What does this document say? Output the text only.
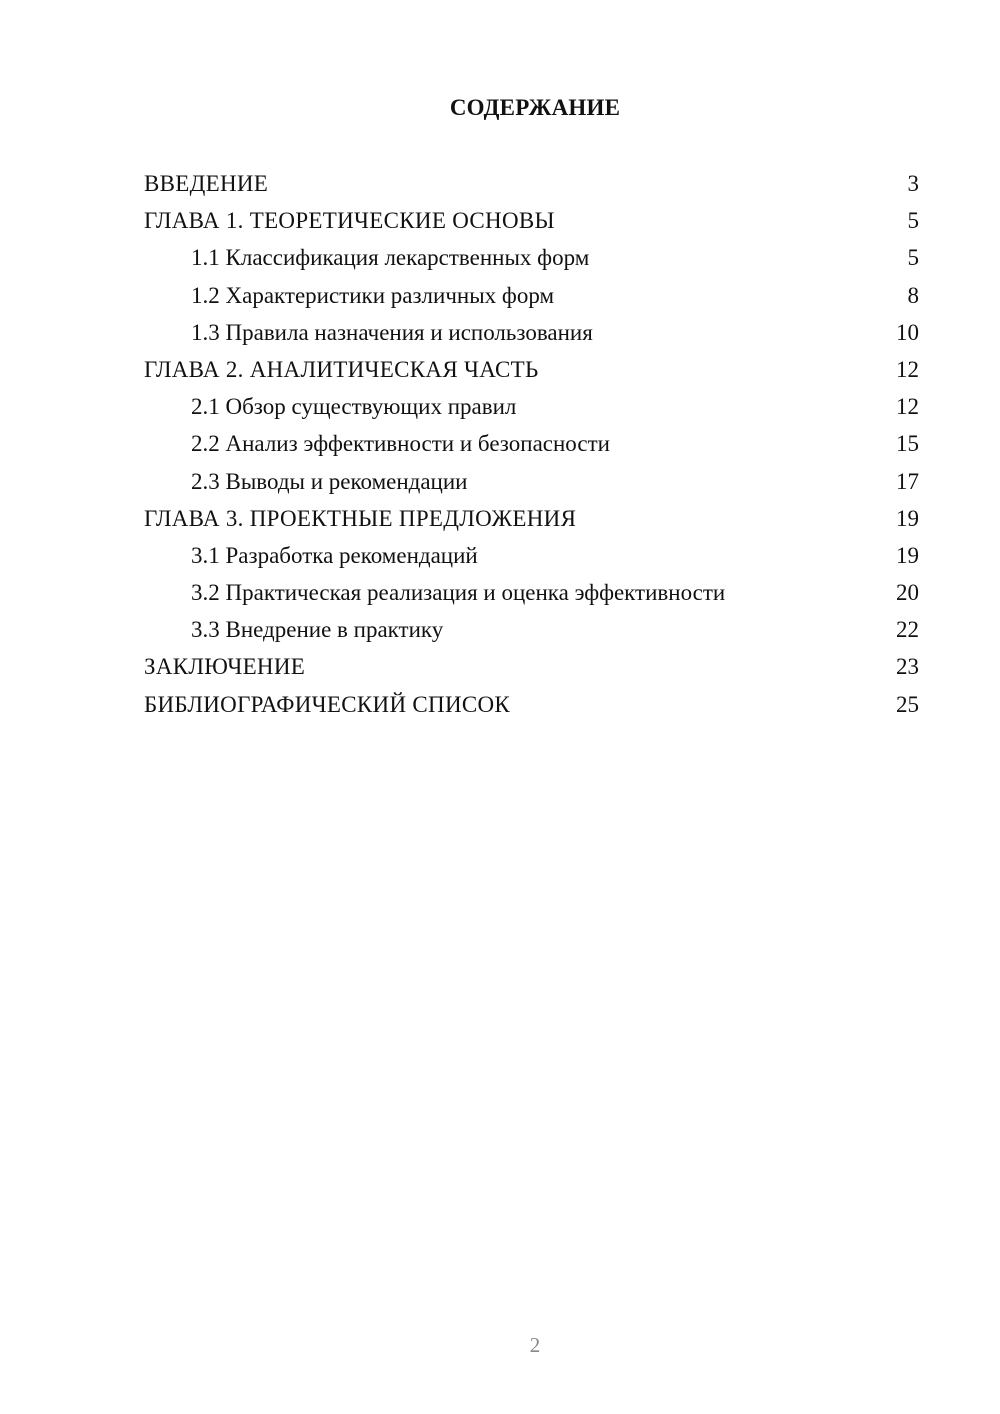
СОДЕРЖАНИЕ
ВВЕДЕНИЕ	3
ГЛАВА 1. ТЕОРЕТИЧЕСКИЕ ОСНОВЫ	5
1.1 Классификация лекарственных форм	5
1.2 Характеристики различных форм	8
1.3 Правила назначения и использования	10
ГЛАВА 2. АНАЛИТИЧЕСКАЯ ЧАСТЬ	12
2.1 Обзор существующих правил	12
2.2 Анализ эффективности и безопасности	15
2.3 Выводы и рекомендации	17
ГЛАВА 3. ПРОЕКТНЫЕ ПРЕДЛОЖЕНИЯ	19
3.1 Разработка рекомендаций	19
3.2 Практическая реализация и оценка эффективности	20
3.3 Внедрение в практику	22
ЗАКЛЮЧЕНИЕ	23
БИБЛИОГРАФИЧЕСКИЙ СПИСОК	25
2
